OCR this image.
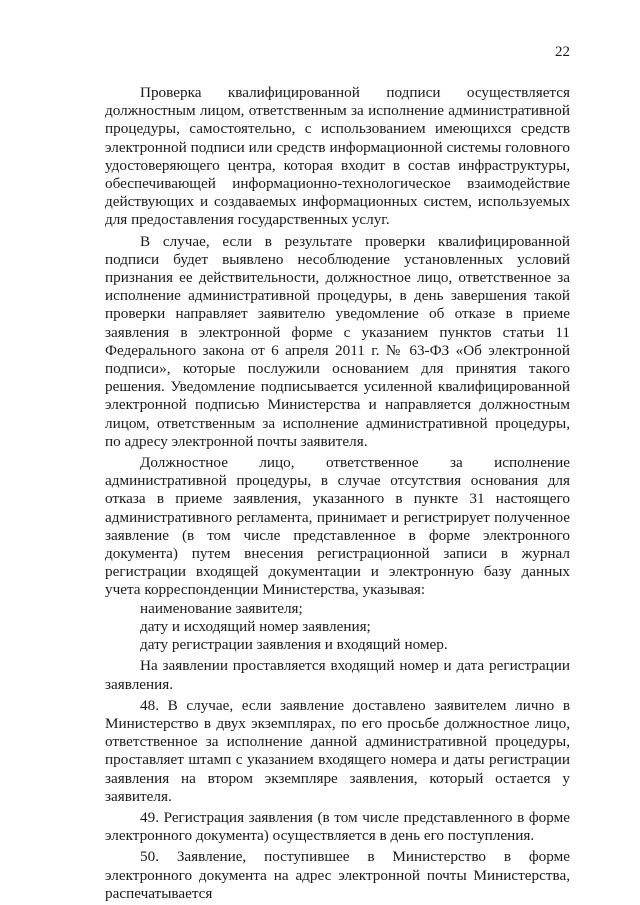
22

Проверка квалифицированной подписи осуществляется должностным лицом, ответственным за исполнение административной процедуры, самостоятельно, с использованием имеющихся средств электронной подписи или средств информационной системы головного удостоверяющего центра, которая входит в состав инфраструктуры, обеспечивающей информационно-технологическое взаимодействие действующих и создаваемых информационных систем, используемых для предоставления государственных услуг.

В случае, если в результате проверки квалифицированной подписи будет выявлено несоблюдение установленных условий признания ее действительности, должностное лицо, ответственное за исполнение административной процедуры, в день завершения такой проверки направляет заявителю уведомление об отказе в приеме заявления в электронной форме с указанием пунктов статьи 11 Федерального закона от 6 апреля 2011 г. № 63-ФЗ «Об электронной подписи», которые послужили основанием для принятия такого решения. Уведомление подписывается усиленной квалифицированной электронной подписью Министерства и направляется должностным лицом, ответственным за исполнение административной процедуры, по адресу электронной почты заявителя.

Должностное лицо, ответственное за исполнение административной процедуры, в случае отсутствия основания для отказа в приеме заявления, указанного в пункте 31 настоящего административного регламента, принимает и регистрирует полученное заявление (в том числе представленное в форме электронного документа) путем внесения регистрационной записи в журнал регистрации входящей документации и электронную базу данных учета корреспонденции Министерства, указывая:

наименование заявителя;

дату и исходящий номер заявления;

дату регистрации заявления и входящий номер.

На заявлении проставляется входящий номер и дата регистрации заявления.

48. В случае, если заявление доставлено заявителем лично в Министерство в двух экземплярах, по его просьбе должностное лицо, ответственное за исполнение данной административной процедуры, проставляет штамп с указанием входящего номера и даты регистрации заявления на втором экземпляре заявления, который остается у заявителя.

49. Регистрация заявления (в том числе представленного в форме электронного документа) осуществляется в день его поступления.

50. Заявление, поступившее в Министерство в форме электронного документа на адрес электронной почты Министерства, распечатывается
